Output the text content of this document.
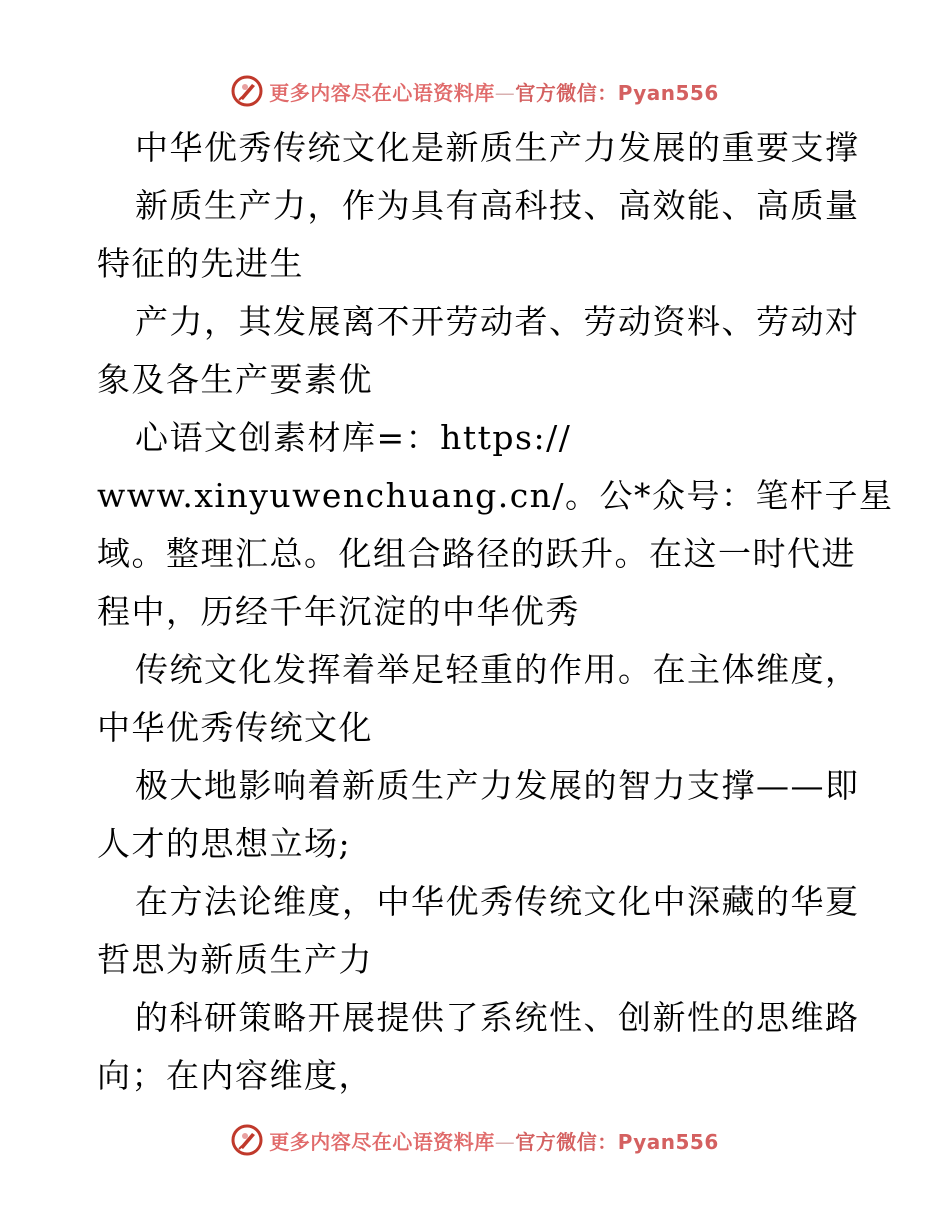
更多内容尽在心语资料库—官方微信：Pyan556
中华优秀传统文化是新质生产力发展的重要支撑
新质生产力，作为具有高科技、高效能、高质量
特征的先进生
产力，其发展离不开劳动者、劳动资料、劳动对
象及各生产要素优
心语文创素材库=：https://
www.xinyuwenchuang.cn/。公*众号：笔杆子星
域。整理汇总。化组合路径的跃升。在这一时代进
程中，历经千年沉淀的中华优秀
传统文化发挥着举足轻重的作用。在主体维度，
中华优秀传统文化
极大地影响着新质生产力发展的智力支撑——即
人才的思想立场;
在方法论维度，中华优秀传统文化中深藏的华夏
哲思为新质生产力
的科研策略开展提供了系统性、创新性的思维路
向；在内容维度，
更多内容尽在心语资料库—官方微信：Pyan556
